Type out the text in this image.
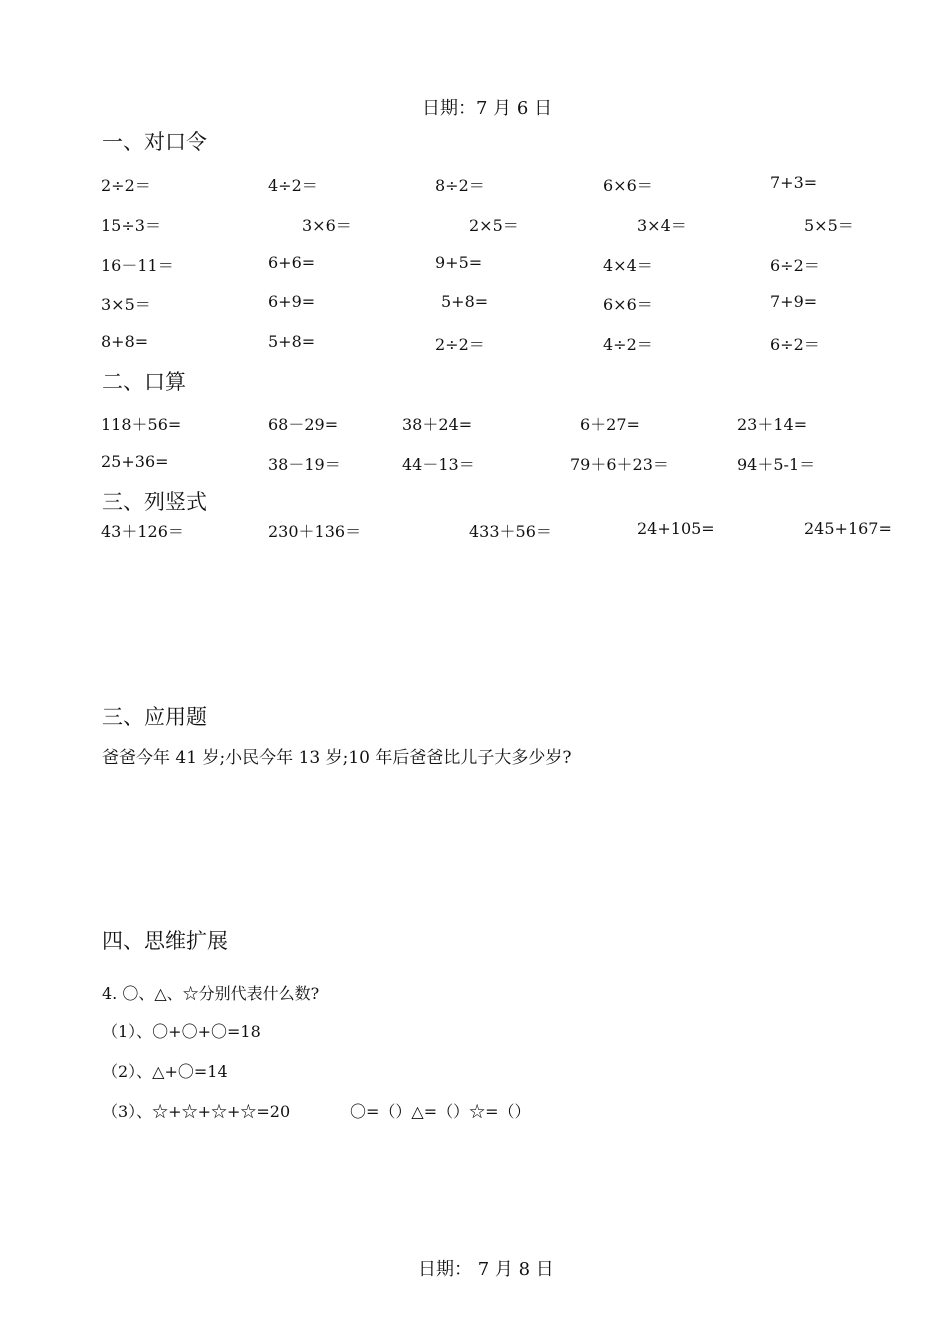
日期：7 月 6 日
一、对口令
2÷2＝	4÷2＝	8÷2＝	6×6＝	7+3=
15÷3＝	3×6＝	2×5＝	3×4＝	5×5＝
16－11＝	6+6=	9+5=	4×4＝	6÷2＝
3×5＝	6+9=	5+8=	6×6＝	7+9=
8+8=	5+8=	2÷2＝	4÷2＝	6÷2＝
二、口算
118＋56=	68－29=	38＋24=	6＋27=	23＋14=
25+36=	38－19＝	44－13＝	79＋6＋23＝	94＋5-1＝
三、列竖式
43＋126＝	230＋136＝	433＋56＝	24+105=	245+167=
三、应用题
爸爸今年 41 岁;小民今年 13 岁;10 年后爸爸比儿子大多少岁?
四、思维扩展
4. 〇、△、☆分别代表什么数?
（1）、〇+〇+〇=18
（2）、△+〇=14
（3）、☆+☆+☆+☆=20	〇=（）△=（）☆=（）
日期： 7 月 8 日
